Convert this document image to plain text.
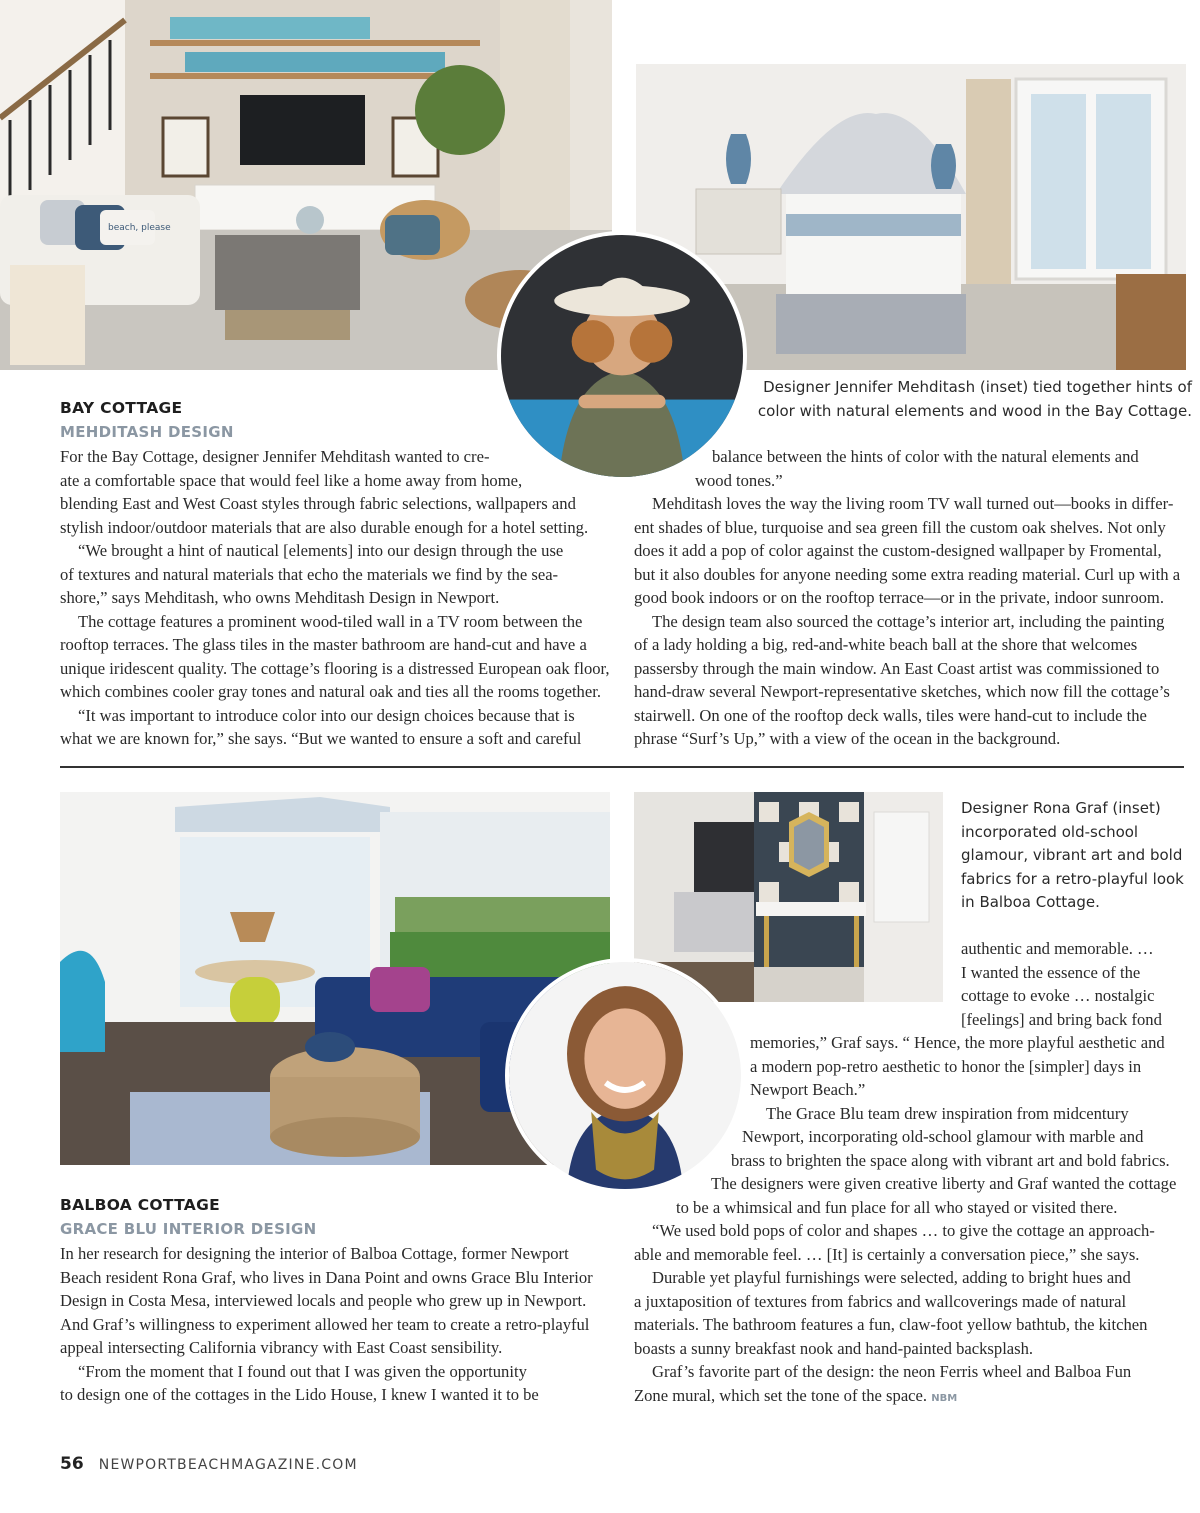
beach, please
Designer Jennifer Mehditash (inset) tied together hints of color with natural elements and wood in the Bay Cottage.
BAY COTTAGE
MEHDITASH DESIGN

For the Bay Cottage, designer Jennifer Mehditash wanted to cre-

ate a comfortable space that would feel like a home away from home,

blending East and West Coast styles through fabric selections, wallpapers and

stylish indoor/outdoor materials that are also durable enough for a hotel setting.

“We brought a hint of nautical [elements] into our design through the use

of textures and natural materials that echo the materials we find by the sea-

shore,” says Mehditash, who owns Mehditash Design in Newport.

The cottage features a prominent wood-tiled wall in a TV room between the

rooftop terraces. The glass tiles in the master bathroom are hand-cut and have a

unique iridescent quality. The cottage’s flooring is a distressed European oak floor,

which combines cooler gray tones and natural oak and ties all the rooms together.

“It was important to introduce color into our design choices because that is

what we are known for,” she says. “But we wanted to ensure a soft and careful

balance between the hints of color with the natural elements and

wood tones.”

Mehditash loves the way the living room TV wall turned out—books in differ-

ent shades of blue, turquoise and sea green fill the custom oak shelves. Not only

does it add a pop of color against the custom-designed wallpaper by Fromental,

but it also doubles for anyone needing some extra reading material. Curl up with a

good book indoors or on the rooftop terrace—or in the private, indoor sunroom.

The design team also sourced the cottage’s interior art, including the painting

of a lady holding a big, red-and-white beach ball at the shore that welcomes

passersby through the main window. An East Coast artist was commissioned to

hand-draw several Newport-representative sketches, which now fill the cottage’s

stairwell. On one of the rooftop deck walls, tiles were hand-cut to include the

phrase “Surf’s Up,” with a view of the ocean in the background.

Designer Rona Graf (inset)
incorporated old-school
glamour, vibrant art and bold
fabrics for a retro-playful look
in Balboa Cottage.

authentic and memorable. …

I wanted the essence of the

cottage to evoke … nostalgic

[feelings] and bring back fond

memories,” Graf says. “ Hence, the more playful aesthetic and

a modern pop-retro aesthetic to honor the [simpler] days in

Newport Beach.”

The Grace Blu team drew inspiration from midcentury

Newport, incorporating old-school glamour with marble and

brass to brighten the space along with vibrant art and bold fabrics.

The designers were given creative liberty and Graf wanted the cottage

to be a whimsical and fun place for all who stayed or visited there.

“We used bold pops of color and shapes … to give the cottage an approach-

able and memorable feel. … [It] is certainly a conversation piece,” she says.

Durable yet playful furnishings were selected, adding to bright hues and

a juxtaposition of textures from fabrics and wallcoverings made of natural

materials. The bathroom features a fun, claw-foot yellow bathtub, the kitchen

boasts a sunny breakfast nook and hand-painted backsplash.

Graf’s favorite part of the design: the neon Ferris wheel and Balboa Fun

Zone mural, which set the tone of the space. NBM

BALBOA COTTAGE
GRACE BLU INTERIOR DESIGN

In her research for designing the interior of Balboa Cottage, former Newport

Beach resident Rona Graf, who lives in Dana Point and owns Grace Blu Interior

Design in Costa Mesa, interviewed locals and people who grew up in Newport.

And Graf’s willingness to experiment allowed her team to create a retro-playful

appeal intersecting California vibrancy with East Coast sensibility.

“From the moment that I found out that I was given the opportunity

to design one of the cottages in the Lido House, I knew I wanted it to be

56 NEWPORTBEACHMAGAZINE.COM
